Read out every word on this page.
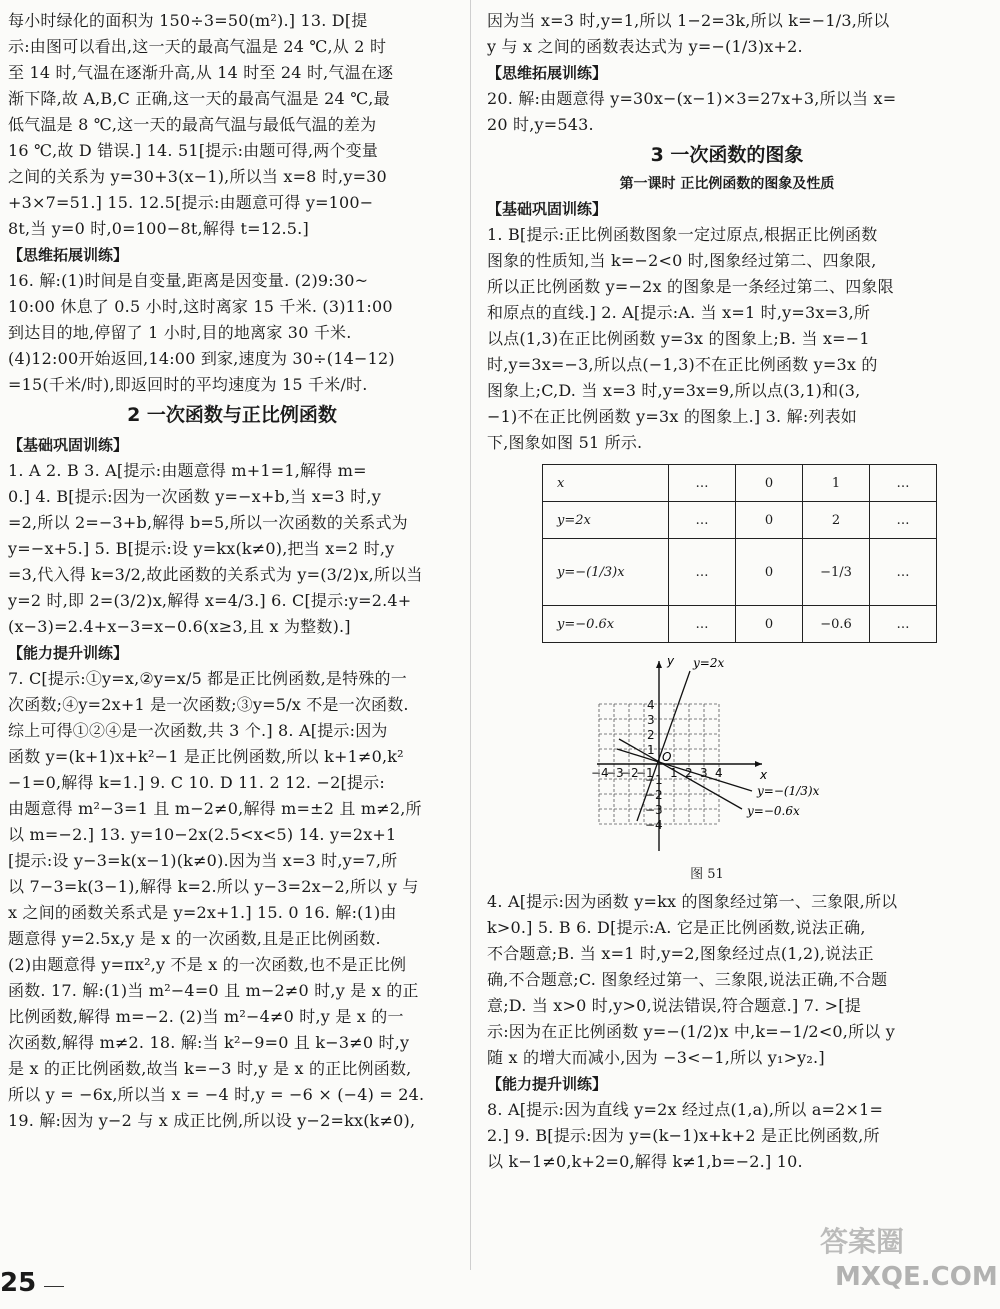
每小时绿化的面积为 150÷3=50(m²).] 13. D[提
示:由图可以看出,这一天的最高气温是 24 ℃,从 2 时
至 14 时,气温在逐渐升高,从 14 时至 24 时,气温在逐
渐下降,故 A,B,C 正确,这一天的最高气温是 24 ℃,最
低气温是 8 ℃,这一天的最高气温与最低气温的差为
16 ℃,故 D 错误.] 14. 51[提示:由题可得,两个变量
之间的关系为 y=30+3(x−1),所以当 x=8 时,y=30
+3×7=51.] 15. 12.5[提示:由题意可得 y=100−
8t,当 y=0 时,0=100−8t,解得 t=12.5.]
【思维拓展训练】
16. 解:(1)时间是自变量,距离是因变量. (2)9:30~
10:00 休息了 0.5 小时,这时离家 15 千米. (3)11:00
到达目的地,停留了 1 小时,目的地离家 30 千米.
(4)12:00开始返回,14:00 到家,速度为 30÷(14−12)
=15(千米/时),即返回时的平均速度为 15 千米/时.
2 一次函数与正比例函数
【基础巩固训练】
1. A 2. B 3. A[提示:由题意得 m+1=1,解得 m=
0.] 4. B[提示:因为一次函数 y=−x+b,当 x=3 时,y
=2,所以 2=−3+b,解得 b=5,所以一次函数的关系式为
y=−x+5.] 5. B[提示:设 y=kx(k≠0),把当 x=2 时,y
=3,代入得 k=3/2,故此函数的关系式为 y=(3/2)x,所以当
y=2 时,即 2=(3/2)x,解得 x=4/3.] 6. C[提示:y=2.4+
(x−3)=2.4+x−3=x−0.6(x≥3,且 x 为整数).]
【能力提升训练】
7. C[提示:①y=x,②y=x/5 都是正比例函数,是特殊的一
次函数;④y=2x+1 是一次函数;③y=5/x 不是一次函数.
综上可得①②④是一次函数,共 3 个.] 8. A[提示:因为
函数 y=(k+1)x+k²−1 是正比例函数,所以 k+1≠0,k²
−1=0,解得 k=1.] 9. C 10. D 11. 2 12. −2[提示:
由题意得 m²−3=1 且 m−2≠0,解得 m=±2 且 m≠2,所
以 m=−2.] 13. y=10−2x(2.5<x<5) 14. y=2x+1
[提示:设 y−3=k(x−1)(k≠0).因为当 x=3 时,y=7,所
以 7−3=k(3−1),解得 k=2.所以 y−3=2x−2,所以 y 与
x 之间的函数关系式是 y=2x+1.] 15. 0 16. 解:(1)由
题意得 y=2.5x,y 是 x 的一次函数,且是正比例函数.
(2)由题意得 y=πx²,y 不是 x 的一次函数,也不是正比例
函数. 17. 解:(1)当 m²−4=0 且 m−2≠0 时,y 是 x 的正
比例函数,解得 m=−2. (2)当 m²−4≠0 时,y 是 x 的一
次函数,解得 m≠2. 18. 解:当 k²−9=0 且 k−3≠0 时,y
是 x 的正比例函数,故当 k=−3 时,y 是 x 的正比例函数,
所以 y = −6x,所以当 x = −4 时,y = −6 × (−4) = 24.
19. 解:因为 y−2 与 x 成正比例,所以设 y−2=kx(k≠0),
因为当 x=3 时,y=1,所以 1−2=3k,所以 k=−1/3,所以
y 与 x 之间的函数表达式为 y=−(1/3)x+2.
【思维拓展训练】
20. 解:由题意得 y=30x−(x−1)×3=27x+3,所以当 x=
20 时,y=543.
3 一次函数的图象
第一课时 正比例函数的图象及性质
【基础巩固训练】
1. B[提示:正比例函数图象一定过原点,根据正比例函数
图象的性质知,当 k=−2<0 时,图象经过第二、四象限,
所以正比例函数 y=−2x 的图象是一条经过第二、四象限
和原点的直线.] 2. A[提示:A. 当 x=1 时,y=3x=3,所
以点(1,3)在正比例函数 y=3x 的图象上;B. 当 x=−1
时,y=3x=−3,所以点(−1,3)不在正比例函数 y=3x 的
图象上;C,D. 当 x=3 时,y=3x=9,所以点(3,1)和(3,
−1)不在正比例函数 y=3x 的图象上.] 3. 解:列表如
下,图象如图 51 所示.
x	…	0	1	…
y=2x	…	0	2	…
y=−(1/3)x	…	0	−1/3	…
y=−0.6x	…	0	−0.6	…
1
−1
1
−1 2
−2
2
−2
3
−3
3
−3
4
−4
4
−4
O
y
x
y=2x
y=−(1/3)x
y=−0.6x
图 51
4. A[提示:因为函数 y=kx 的图象经过第一、三象限,所以
k>0.] 5. B 6. D[提示:A. 它是正比例函数,说法正确,
不合题意;B. 当 x=1 时,y=2,图象经过点(1,2),说法正
确,不合题意;C. 图象经过第一、三象限,说法正确,不合题
意;D. 当 x>0 时,y>0,说法错误,符合题意.] 7. >[提
示:因为在正比例函数 y=−(1/2)x 中,k=−1/2<0,所以 y
随 x 的增大而减小,因为 −3<−1,所以 y₁>y₂.]
【能力提升训练】
8. A[提示:因为直线 y=2x 经过点(1,a),所以 a=2×1=
2.] 9. B[提示:因为 y=(k−1)x+k+2 是正比例函数,所
以 k−1≠0,k+2=0,解得 k≠1,b=−2.] 10.
25
答案圈
MXQE.COM
